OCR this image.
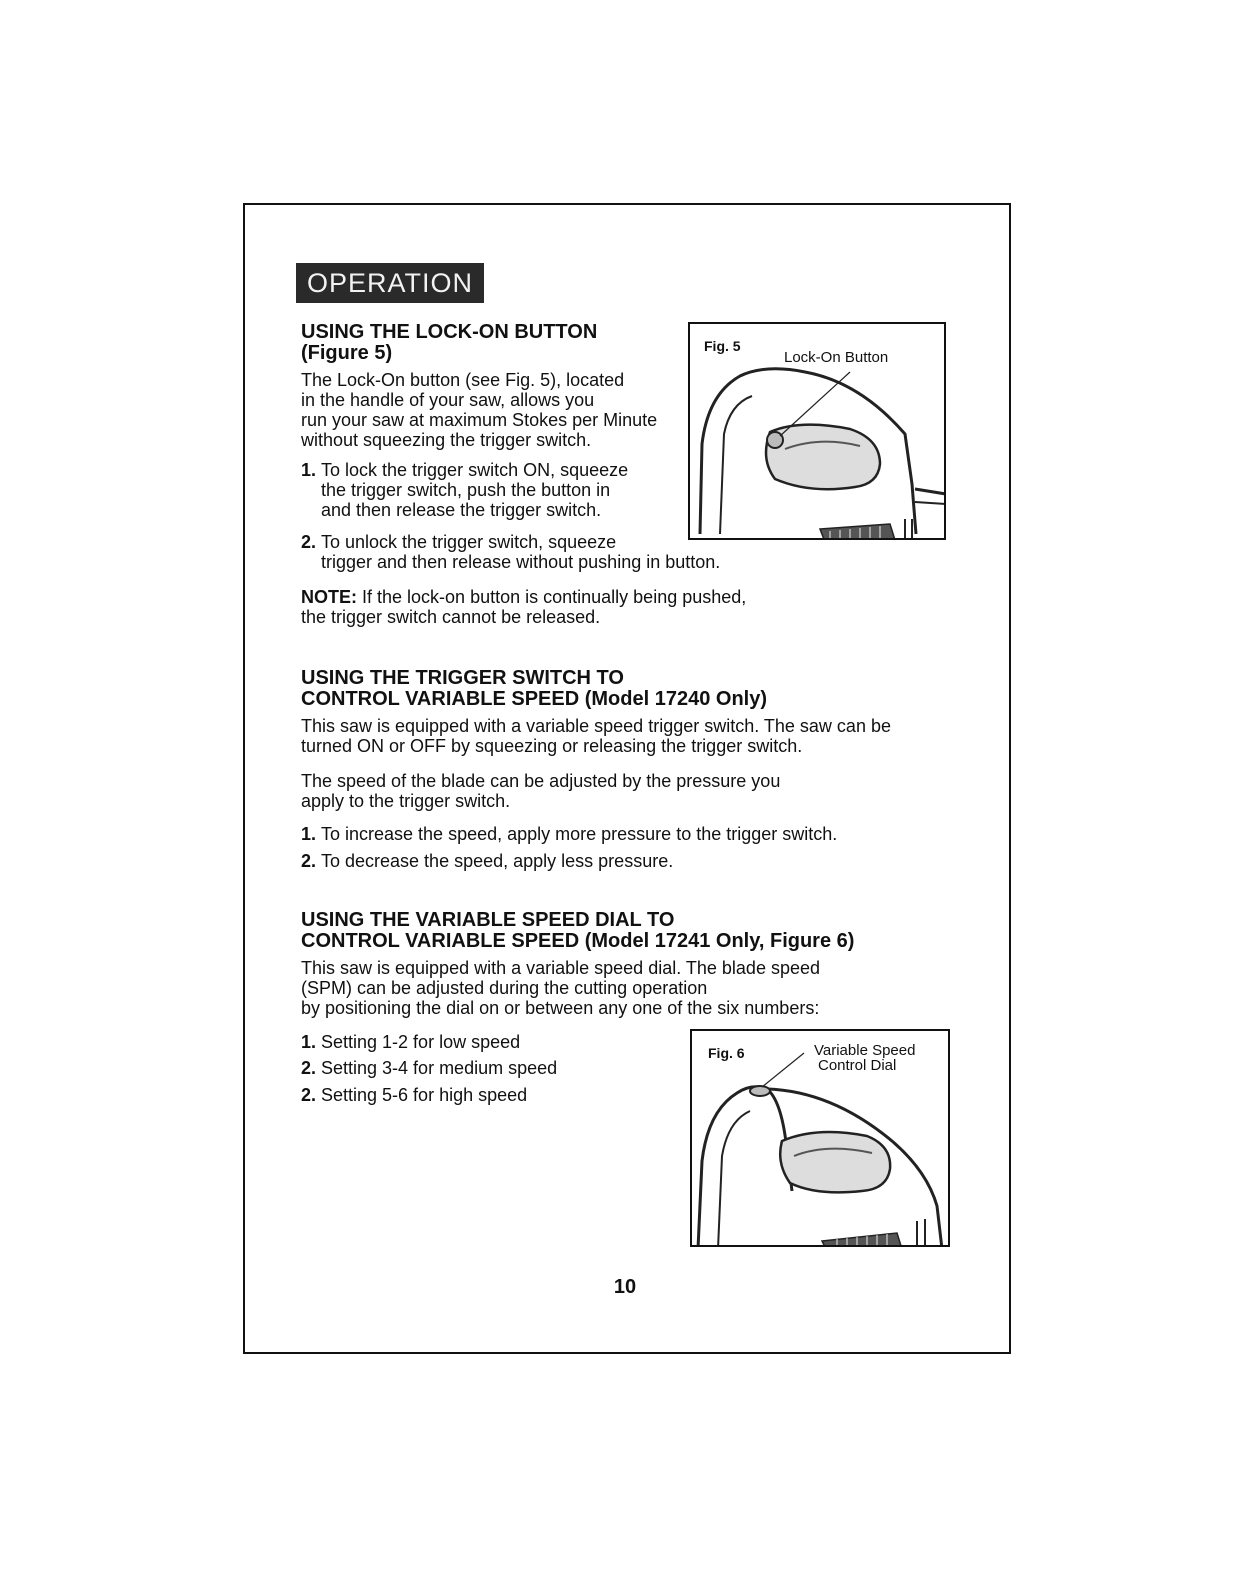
OPERATION
USING THE LOCK-ON BUTTON
(Figure 5)
The Lock-On button (see Fig. 5), located
in the handle of your saw, allows you
run your saw at maximum Stokes per Minute
without squeezing the trigger switch.
1. To lock the trigger switch ON, squeeze
the trigger switch, push the button in
and then release the trigger switch.
2. To unlock the trigger switch, squeeze
trigger and then release without pushing in button.
NOTE: If the lock-on button is continually being pushed,
the trigger switch cannot be released.
Fig. 5
Lock-On Button
USING THE TRIGGER SWITCH TO
CONTROL VARIABLE SPEED (Model 17240 Only)
This saw is equipped with a variable speed trigger switch. The saw can be
turned ON or OFF by squeezing or releasing the trigger switch.
The speed of the blade can be adjusted by the pressure you
apply to the trigger switch.
1. To increase the speed, apply more pressure to the trigger switch.
2. To decrease the speed, apply less pressure.
USING THE VARIABLE SPEED DIAL TO
CONTROL VARIABLE SPEED (Model 17241 Only, Figure 6)
This saw is equipped with a variable speed dial. The blade speed
(SPM) can be adjusted during the cutting operation
by positioning the dial on or between any one of the six numbers:
1. Setting 1-2 for low speed
2. Setting 3-4 for medium speed
2. Setting 5-6 for high speed
Fig. 6	Variable Speed
Control Dial
10
